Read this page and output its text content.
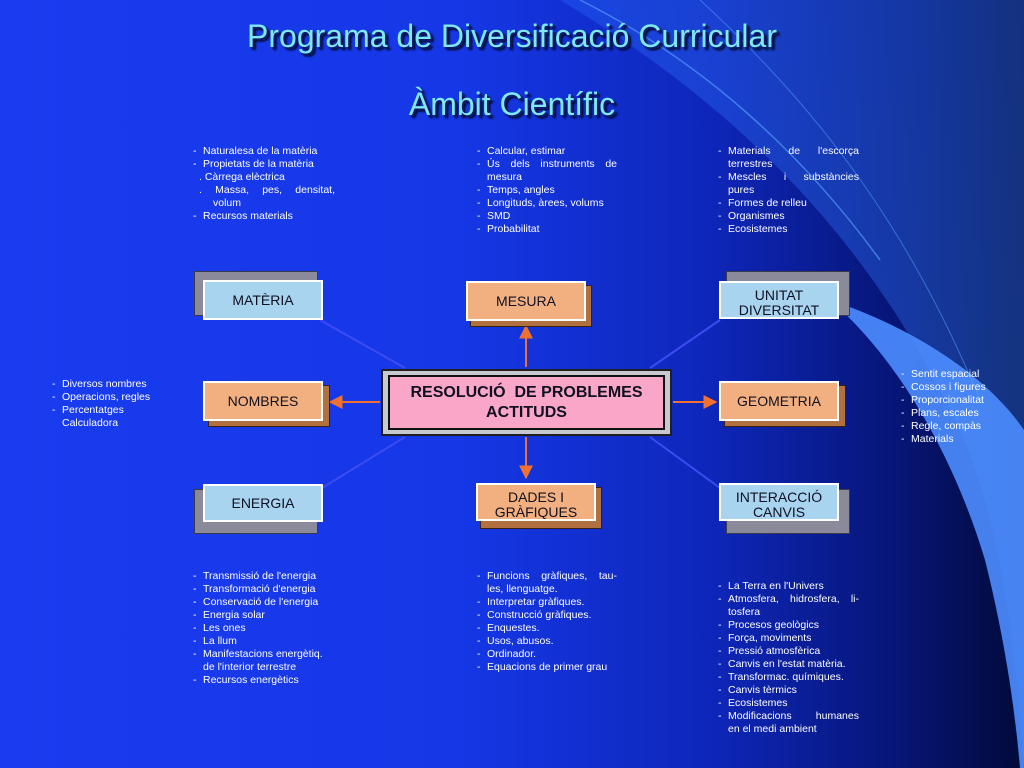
Programa de Diversificació Curricular
Àmbit Científic
- Naturalesa de la matèria
- Propietats de la matèria
. Càrrega elèctrica
. Massa, pes, densitat,
volum
- Recursos materials
- Calcular, estimar
- Ús dels instruments de
mesura
- Temps, angles
- Longituds, àrees, volums
- SMD
- Probabilitat
- Materials de l'escorça
terrestres
- Mescles i substàncies
pures
- Formes de relleu
- Organismes
- Ecosistemes
- Diversos nombres
- Operacions, regles
- Percentatges
Calculadora
- Sentit espacial
- Cossos i figures
- Proporcionalitat
- Plans, escales
- Regle, compàs
- Materials
- Transmissió de l'energia
- Transformació d'energia
- Conservació de l'energia
- Energia solar
- Les ones
- La llum
- Manifestacions energètiq.
de l'interior terrestre
- Recursos energètics
- Funcions gràfiques, tau-
les, llenguatge.
- Interpretar gràfiques.
- Construcció gràfiques.
- Enquestes.
- Usos, abusos.
- Ordinador.
- Equacions de primer grau
- La Terra en l'Univers
- Atmosfera, hidrosfera, li-
tosfera
- Procesos geològics
- Força, moviments
- Pressió atmosfèrica
- Canvis en l'estat matèria.
- Transformac. químiques.
- Canvis tèrmics
- Ecosistemes
- Modificacions humanes
en el medi ambient
MATÈRIA	MESURA	UNITAT DIVERSITAT
NOMBRES	GEOMETRIA
ENERGIA	DADES I GRÀFIQUES
INTERACCIÓ CANVIS
RESOLUCIÓ  DE PROBLEMES
ACTITUDS
